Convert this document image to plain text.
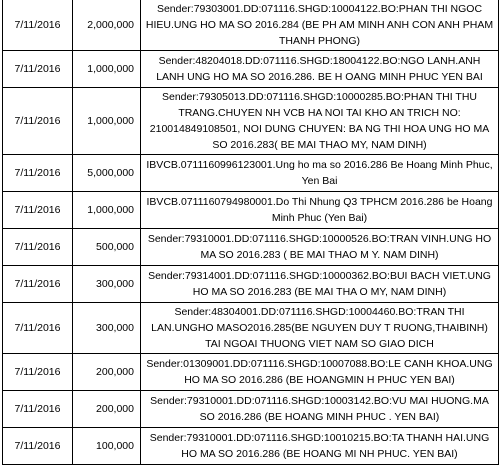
7/11/2016	2,000,000	Sender:79303001.DD:071116.SHGD:10004122.BO:PHAN THI NGOC HIEU.UNG HO MA SO 2016.284 (BE PH AM MINH ANH CON ANH PHAM THANH PHONG)
7/11/2016	1,000,000	Sender:48204018.DD:071116.SHGD:18004122.BO:NGO LANH.ANH LANH UNG HO MA SO 2016.286. BE H OANG MINH PHUC YEN BAI
7/11/2016	1,000,000	Sender:79305013.DD:071116.SHGD:10000285.BO:PHAN THI THU TRANG.CHUYEN NH VCB HA NOI TAI KHO AN TRICH NO: 210014849108501, NOI DUNG CHUYEN: BA NG THI HOA UNG HO MA SO 2016.283( BE MAI THAO MY, NAM DINH)
7/11/2016	5,000,000	IBVCB.0711160996123001.Ung ho ma so 2016.286 Be Hoang Minh Phuc, Yen Bai
7/11/2016	1,000,000	IBVCB.0711160794980001.Do Thi Nhung Q3 TPHCM 2016.286 be Hoang Minh Phuc (Yen Bai)
7/11/2016	500,000	Sender:79310001.DD:071116.SHGD:10000526.BO:TRAN VINH.UNG HO MA SO 2016.283 ( BE MAI THAO M Y. NAM DINH)
7/11/2016	300,000	Sender:79314001.DD:071116.SHGD:10000362.BO:BUI BACH VIET.UNG HO MA SO 2016.283 (BE MAI THA O MY, NAM DINH)
7/11/2016	300,000	Sender:48304001.DD:071116.SHGD:10004460.BO:TRAN THI LAN.UNGHO MASO2016.285(BE NGUYEN DUY T RUONG,THAIBINH) TAI NGOAI THUONG VIET NAM SO GIAO DICH
7/11/2016	200,000	Sender:01309001.DD:071116.SHGD:10007088.BO:LE CANH KHOA.UNG HO MA SO 2016.286 (BE HOANGMIN H PHUC YEN BAI)
7/11/2016	200,000	Sender:79310001.DD:071116.SHGD:10003142.BO:VU MAI HUONG.MA SO 2016.286 (BE HOANG MINH PHUC . YEN BAI)
7/11/2016	100,000	Sender:79310001.DD:071116.SHGD:10010215.BO:TA THANH HAI.UNG HO MA SO 2016.286 (BE HOANG MI NH PHUC. YEN BAI)
